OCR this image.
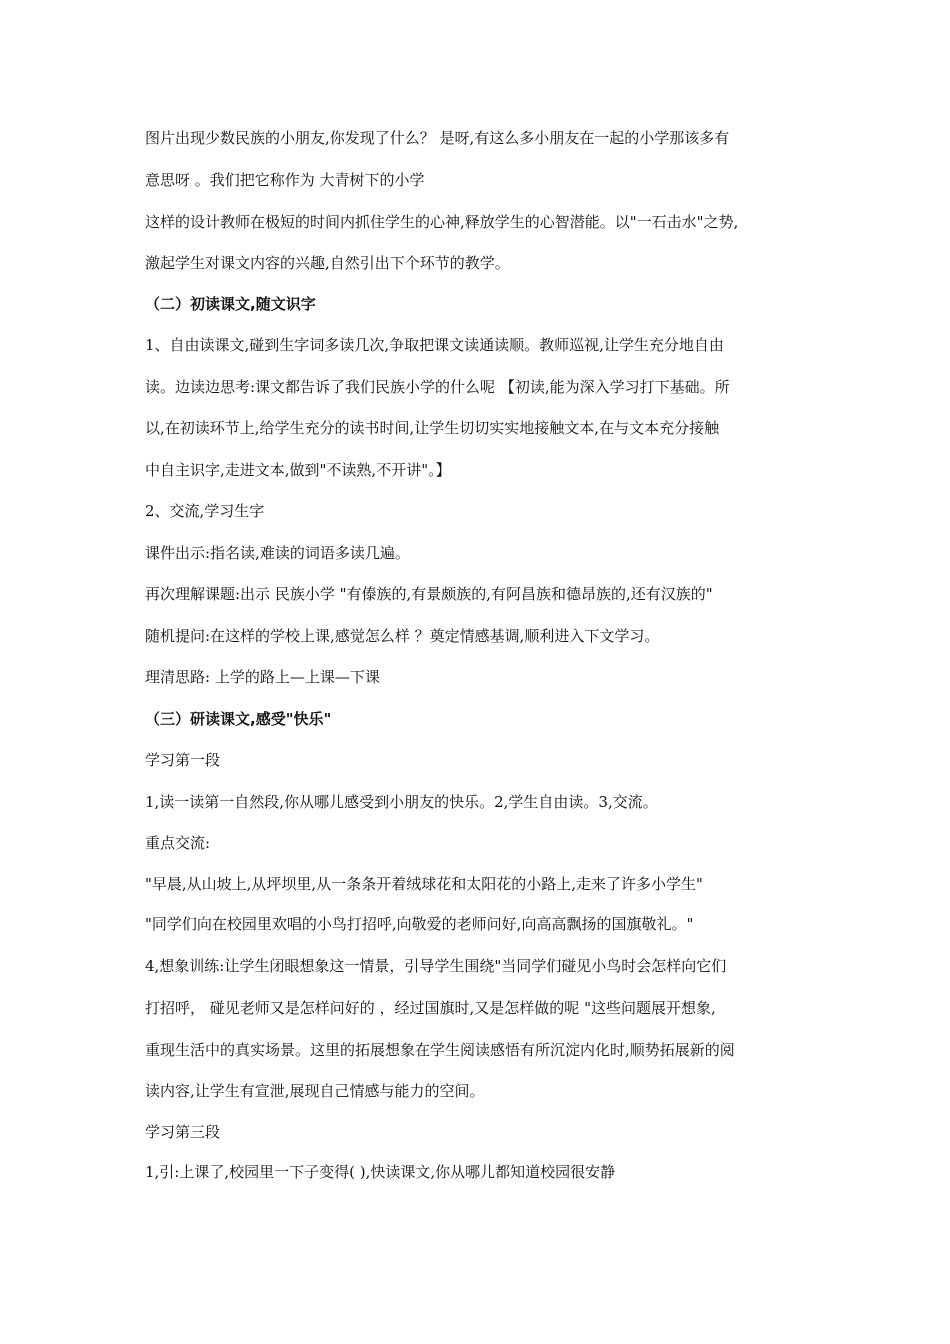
图片出现少数民族的小朋友,你发现了什么？ 是呀,有这么多小朋友在一起的小学那该多有
意思呀 。我们把它称作为 大青树下的小学
这样的设计教师在极短的时间内抓住学生的心神,释放学生的心智潜能。以"一石击水"之势,
激起学生对课文内容的兴趣,自然引出下个环节的教学。
（二）初读课文,随文识字
1、自由读课文,碰到生字词多读几次,争取把课文读通读顺。教师巡视,让学生充分地自由
读。边读边思考:课文都告诉了我们民族小学的什么呢 【初读,能为深入学习打下基础。所
以,在初读环节上,给学生充分的读书时间,让学生切切实实地接触文本,在与文本充分接触
中自主识字,走进文本,做到"不读熟,不开讲"。】
2、交流,学习生字
课件出示:指名读,难读的词语多读几遍。
再次理解课题:出示 民族小学 "有傣族的,有景颇族的,有阿昌族和德昂族的,还有汉族的"
随机提问:在这样的学校上课,感觉怎么样 ？奠定情感基调,顺利进入下文学习。
理清思路: 上学的路上—上课—下课
（三）研读课文,感受"快乐"
学习第一段
1,读一读第一自然段,你从哪儿感受到小朋友的快乐。2,学生自由读。3,交流。
重点交流:
"早晨,从山坡上,从坪坝里,从一条条开着绒球花和太阳花的小路上,走来了许多小学生"
"同学们向在校园里欢唱的小鸟打招呼,向敬爱的老师问好,向高高飘扬的国旗敬礼。"
4,想象训练:让学生闭眼想象这一情景，引导学生围绕"当同学们碰见小鸟时会怎样向它们
打招呼， 碰见老师又是怎样问好的 ，经过国旗时,又是怎样做的呢 "这些问题展开想象,
重现生活中的真实场景。这里的拓展想象在学生阅读感悟有所沉淀内化时,顺势拓展新的阅
读内容,让学生有宣泄,展现自己情感与能力的空间。
学习第三段
1,引:上课了,校园里一下子变得( ),快读课文,你从哪儿都知道校园很安静
